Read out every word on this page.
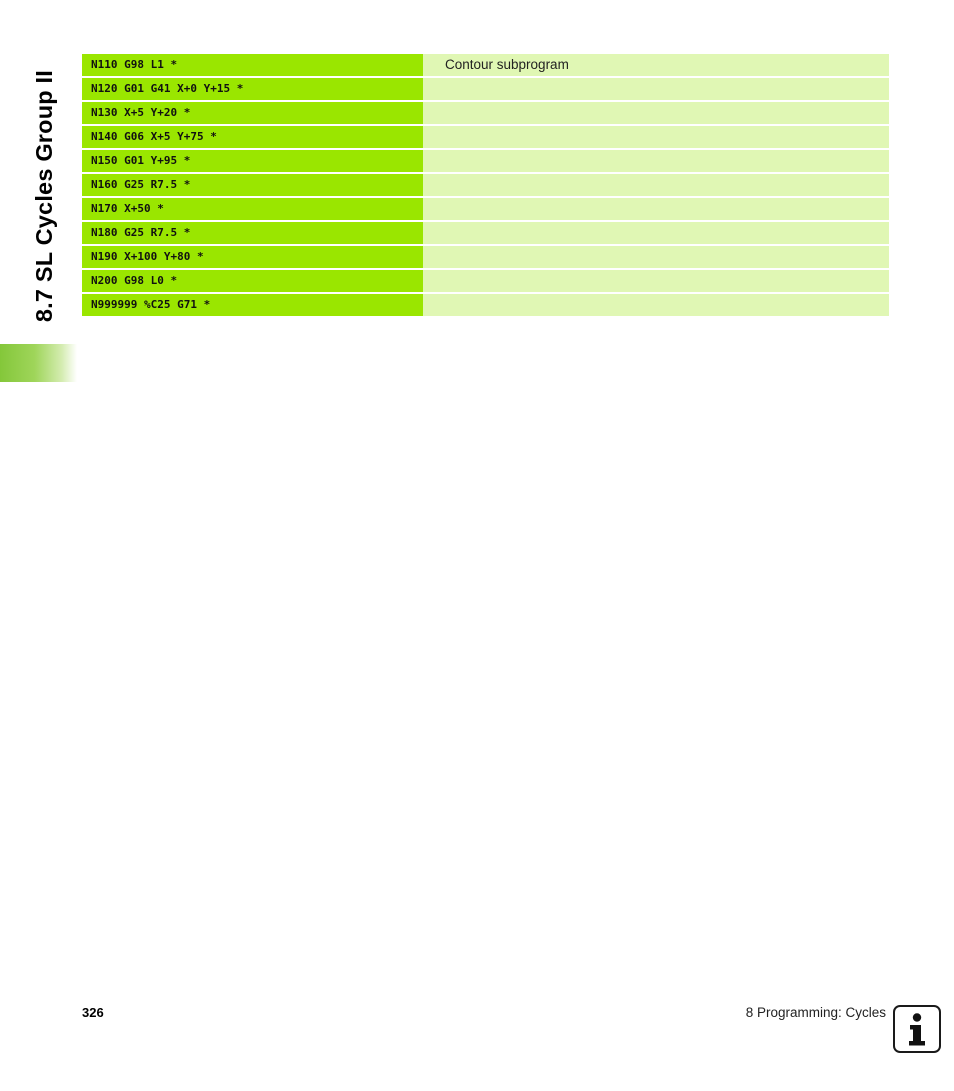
8.7 SL Cycles Group II
N110 G98 L1 *	Contour subprogram
N120 G01 G41 X+0 Y+15 *
N130 X+5 Y+20 *
N140 G06 X+5 Y+75 *
N150 G01 Y+95 *
N160 G25 R7.5 *
N170 X+50 *
N180 G25 R7.5 *
N190 X+100 Y+80 *
N200 G98 L0 *
N999999 %C25 G71 *
326	8 Programming: Cycles
